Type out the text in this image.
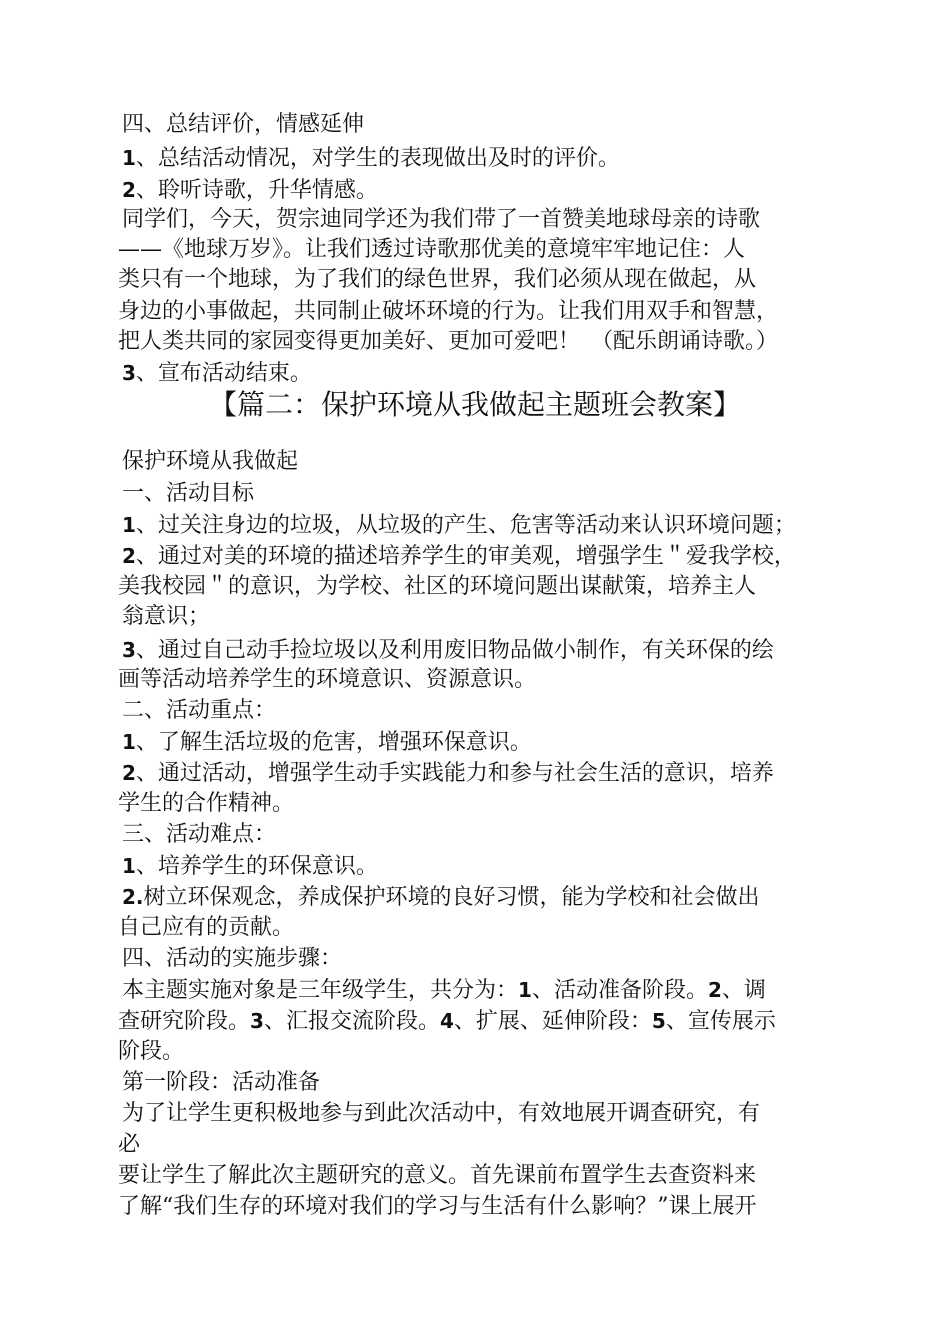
四、总结评价，情感延伸
1、总结活动情况，对学生的表现做出及时的评价。
2、聆听诗歌，升华情感。
同学们，今天，贺宗迪同学还为我们带了一首赞美地球母亲的诗歌
——《地球万岁》。让我们透过诗歌那优美的意境牢牢地记住：人
类只有一个地球，为了我们的绿色世界，我们必须从现在做起，从
身边的小事做起，共同制止破坏环境的行为。让我们用双手和智慧，
把人类共同的家园变得更加美好、更加可爱吧！　（配乐朗诵诗歌。）
3、宣布活动结束。
【篇二：保护环境从我做起主题班会教案】
保护环境从我做起
一、活动目标
1、过关注身边的垃圾，从垃圾的产生、危害等活动来认识环境问题；
2、通过对美的环境的描述培养学生的审美观，增强学生＂爱我学校，
美我校园＂的意识，为学校、社区的环境问题出谋献策，培养主人
翁意识；
3、通过自己动手捡垃圾以及利用废旧物品做小制作，有关环保的绘
画等活动培养学生的环境意识、资源意识。
二、活动重点：
1、了解生活垃圾的危害，增强环保意识。
2、通过活动，增强学生动手实践能力和参与社会生活的意识，培养
学生的合作精神。
三、活动难点：
1、培养学生的环保意识。
2.树立环保观念，养成保护环境的良好习惯，能为学校和社会做出
自己应有的贡献。
四、活动的实施步骤：
本主题实施对象是三年级学生，共分为：1、活动准备阶段。2、调
查研究阶段。3、汇报交流阶段。4、扩展、延伸阶段：5、宣传展示
阶段。
第一阶段：活动准备
为了让学生更积极地参与到此次活动中，有效地展开调查研究，有
必
要让学生了解此次主题研究的意义。首先课前布置学生去查资料来
了解“我们生存的环境对我们的学习与生活有什么影响？”课上展开
